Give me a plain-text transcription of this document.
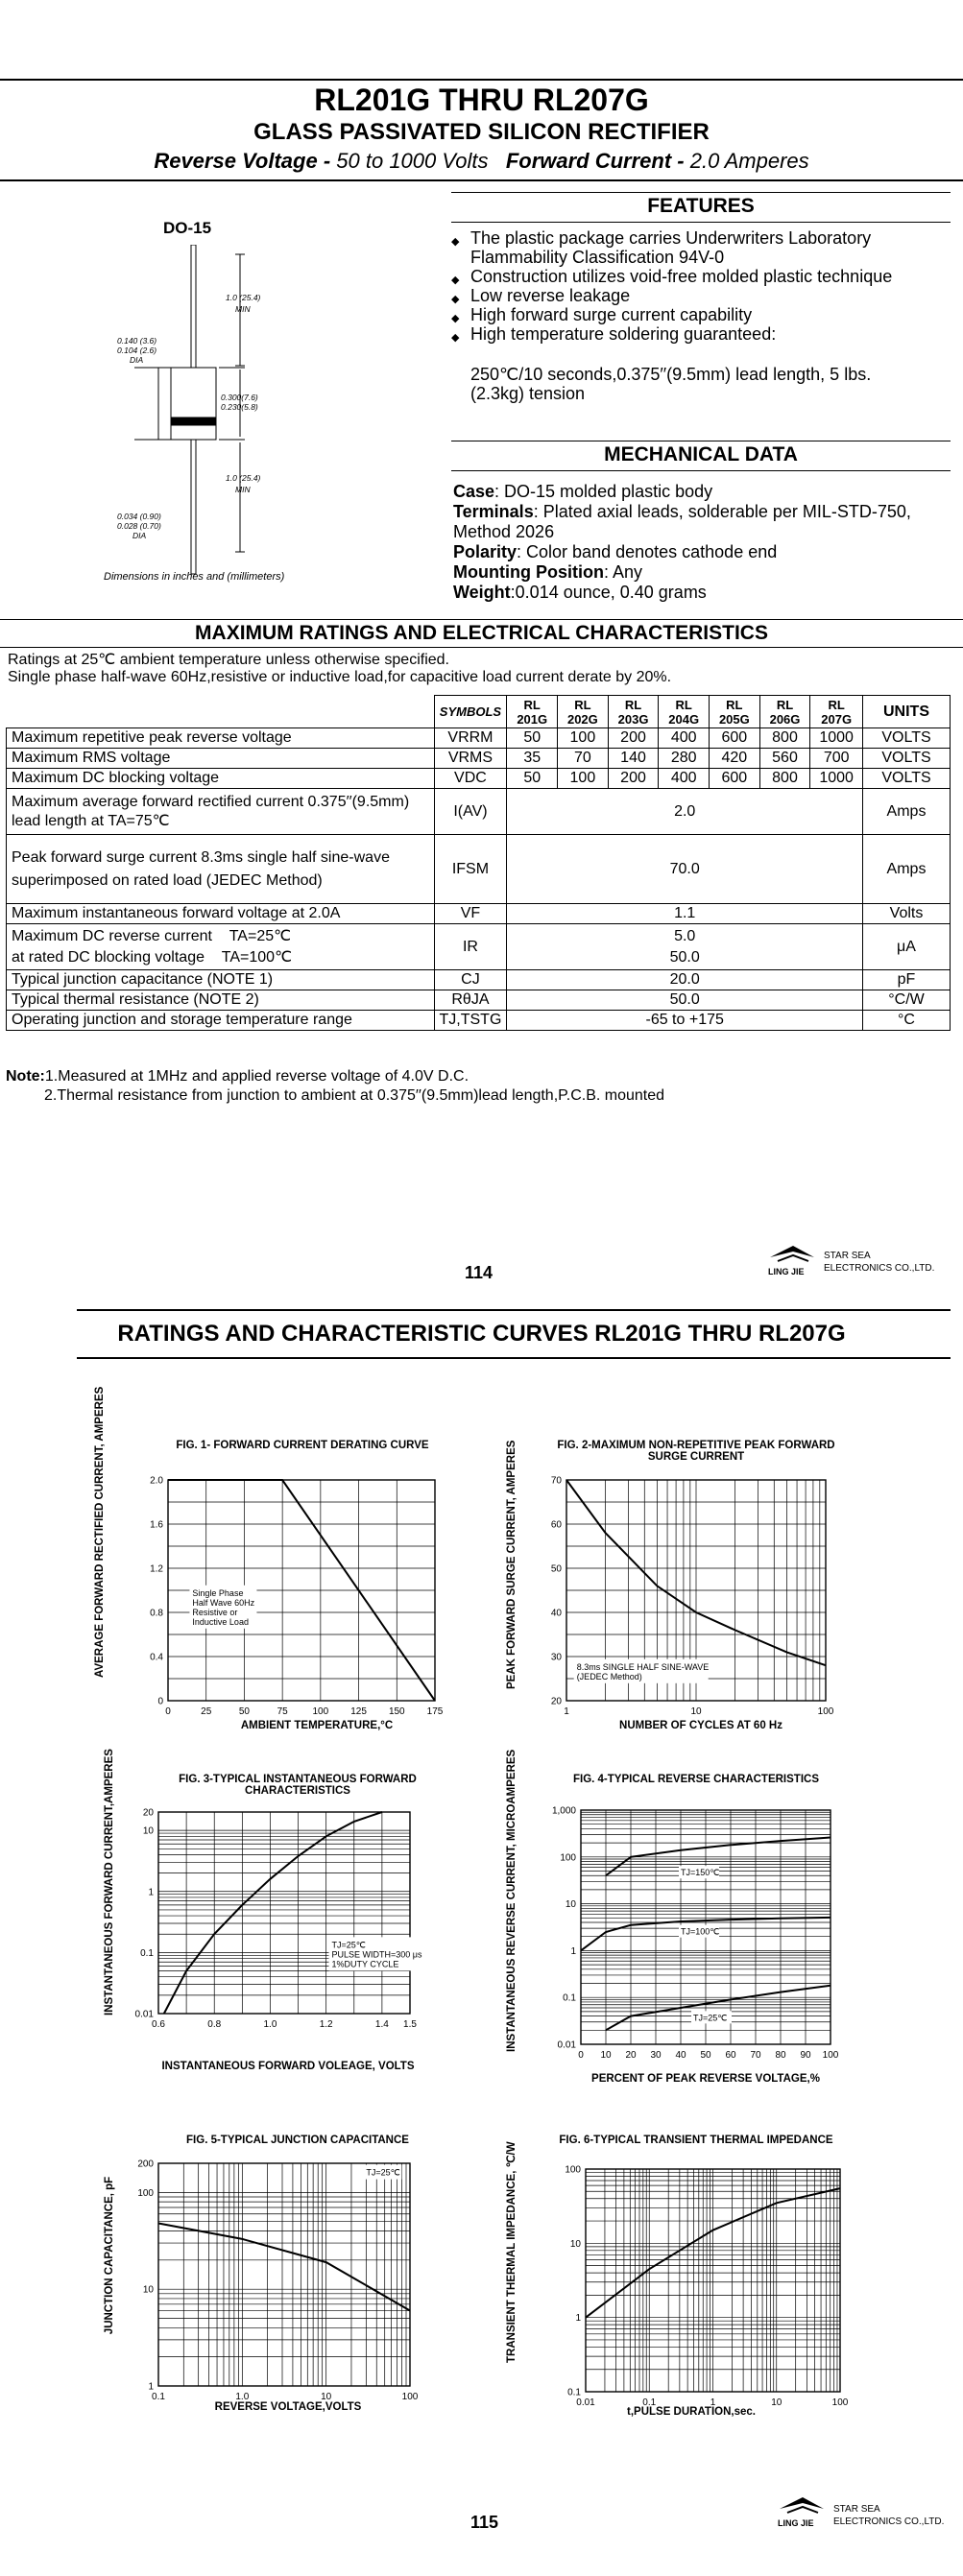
RL201G THRU RL207G
GLASS PASSIVATED SILICON RECTIFIER
Reverse Voltage - 50 to 1000 Volts Forward Current - 2.0 Amperes
DO-15
1.0 (25.4)
MIN
0.140 (3.6)
0.104 (2.6)
DIA
0.300(7.6)
0.230(5.8)
1.0 (25.4)
MIN
0.034 (0.90)
0.028 (0.70)
DIA
Dimensions in inches and (millimeters)
FEATURES
◆ The plastic package carries Underwriters Laboratory Flammability Classification 94V-0
◆ Construction utilizes void-free molded plastic technique
◆ Low reverse leakage
◆ High forward surge current capability
◆ High temperature soldering guaranteed:
250℃/10 seconds,0.375′′(9.5mm) lead length, 5 lbs. (2.3kg) tension
MECHANICAL DATA

Case: DO-15 molded plastic body

Terminals: Plated axial leads, solderable per MIL-STD-750, Method 2026

Polarity: Color band denotes cathode end

Mounting Position: Any

Weight:0.014 ounce, 0.40 grams

MAXIMUM RATINGS AND ELECTRICAL CHARACTERISTICS
Ratings at 25℃ ambient temperature unless otherwise specified.
Single phase half-wave 60Hz,resistive or inductive load,for capacitive load current derate by 20%.
	SYMBOLS	RL 201G	RL 202G	RL 203G	RL 204G	RL 205G	RL 206G	RL 207G	UNITS
Maximum repetitive peak reverse voltage	VRRM	50	100	200	400	600	800	1000	VOLTS
Maximum RMS voltage	VRMS	35	70	140	280	420	560	700	VOLTS
Maximum DC blocking voltage	VDC	50	100	200	400	600	800	1000	VOLTS
Maximum average forward rectified current 0.375′′(9.5mm) lead length at TA=75℃	I(AV)	2.0							Amps
Peak forward surge current 8.3ms single half sine-wave superimposed on rated load (JEDEC Method)	IFSM	70.0							Amps
Maximum instantaneous forward voltage at 2.0A	VF	1.1							Volts
Maximum DC reverse current TA=25℃
at rated DC blocking voltage TA=100℃	IR	5.0
50.0							μA
Typical junction capacitance (NOTE 1)	CJ	20.0							pF
Typical thermal resistance (NOTE 2)	RθJA	50.0							°C/W
Operating junction and storage temperature range	TJ,TSTG	-65 to +175							°C
Note:1.Measured at 1MHz and applied reverse voltage of 4.0V D.C.
2.Thermal resistance from junction to ambient at 0.375′′(9.5mm)lead length,P.C.B. mounted
114	LING JIE
STAR SEA
ELECTRONICS CO.,LTD.
RATINGS AND CHARACTERISTIC CURVES RL201G THRU RL207G
FIG. 1- FORWARD CURRENT DERATING CURVE
0	25	50	75	100 125 150 175
0
0.4
0.8
1.2
1.6
2.0
Single Phase
Half Wave 60Hz
Resistive or
Inductive Load
AVERAGE FORWARD RECTIFIED CURRENT, AMPERES
AMBIENT TEMPERATURE,°C
FIG. 2-MAXIMUM NON-REPETITIVE PEAK FORWARD SURGE CURRENT
1	10	100
20
30
40
50
60
70
8.3ms SINGLE HALF SINE-WAVE
(JEDEC Method)
PEAK FORWARD SURGE CURRENT, AMPERES
NUMBER OF CYCLES AT 60 Hz
FIG. 3-TYPICAL INSTANTANEOUS FORWARD CHARACTERISTICS
0.6	0.8	1.0	1.2	1.4 1.5
0.01
0.1
1
10
20
TJ=25℃
PULSE WIDTH=300 μs
1%DUTY CYCLE
INSTANTANEOUS FORWARD CURRENT,AMPERES
INSTANTANEOUS FORWARD VOLEAGE, VOLTS
FIG. 4-TYPICAL REVERSE CHARACTERISTICS
0 10 20 30 40 50 60 70 80 90 100
0.01
0.1
1
10
100
1,000
TJ=150℃
TJ=100℃
TJ=25℃
INSTANTANEOUS REVERSE CURRENT, MICROAMPERES
PERCENT OF PEAK REVERSE VOLTAGE,%
FIG. 5-TYPICAL JUNCTION CAPACITANCE
0.1	1.0	10	100
1
10
100
200
TJ=25℃
JUNCTION CAPACITANCE, pF
REVERSE VOLTAGE,VOLTS
FIG. 6-TYPICAL TRANSIENT THERMAL IMPEDANCE
0.01	0.1	1	10	100
0.1
1
10
100
TRANSIENT THERMAL IMPEDANCE, ℃/W
t,PULSE DURATION,sec.
115	LING JIE
STAR SEA
ELECTRONICS CO.,LTD.
